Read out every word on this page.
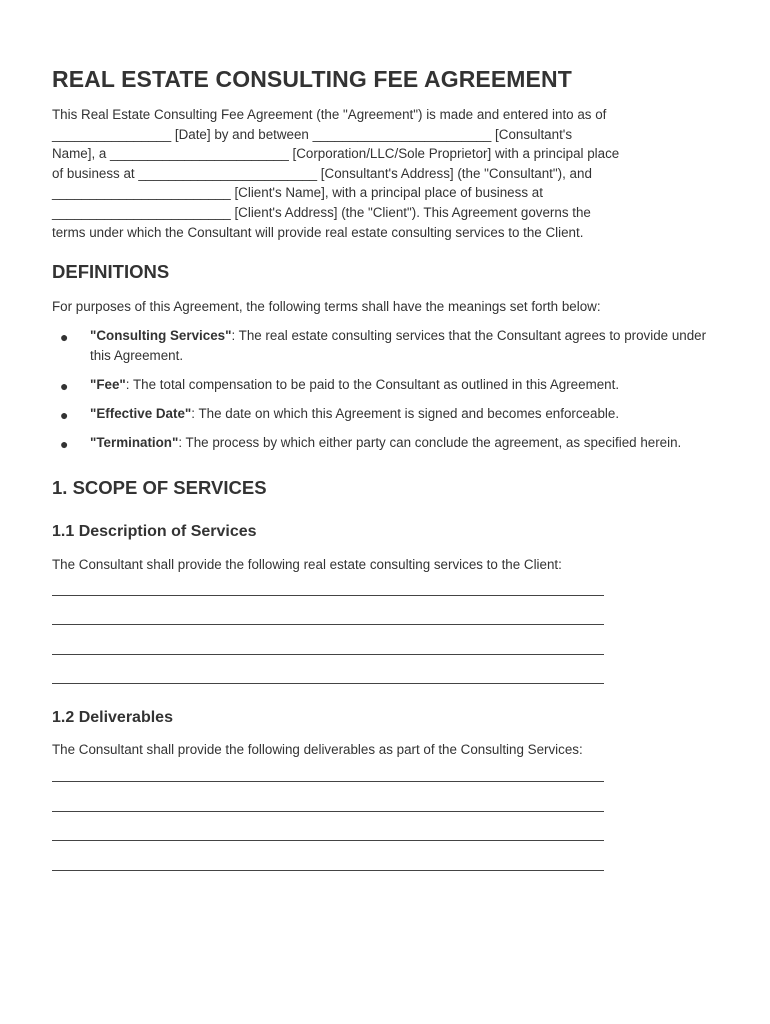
REAL ESTATE CONSULTING FEE AGREEMENT

This Real Estate Consulting Fee Agreement (the "Agreement") is made and entered into as of
________________ [Date] by and between ________________________ [Consultant's
Name], a ________________________ [Corporation/LLC/Sole Proprietor] with a principal place
of business at ________________________ [Consultant's Address] (the "Consultant"), and
________________________ [Client's Name], with a principal place of business at
________________________ [Client's Address] (the "Client"). This Agreement governs the
terms under which the Consultant will provide real estate consulting services to the Client.

DEFINITIONS

For purposes of this Agreement, the following terms shall have the meanings set forth below:

● "Consulting Services": The real estate consulting services that the Consultant agrees to provide under this Agreement.
● "Fee": The total compensation to be paid to the Consultant as outlined in this Agreement.
● "Effective Date": The date on which this Agreement is signed and becomes enforceable.
● "Termination": The process by which either party can conclude the agreement, as specified herein.
1. SCOPE OF SERVICES
1.1 Description of Services

The Consultant shall provide the following real estate consulting services to the Client:

1.2 Deliverables

The Consultant shall provide the following deliverables as part of the Consulting Services:
